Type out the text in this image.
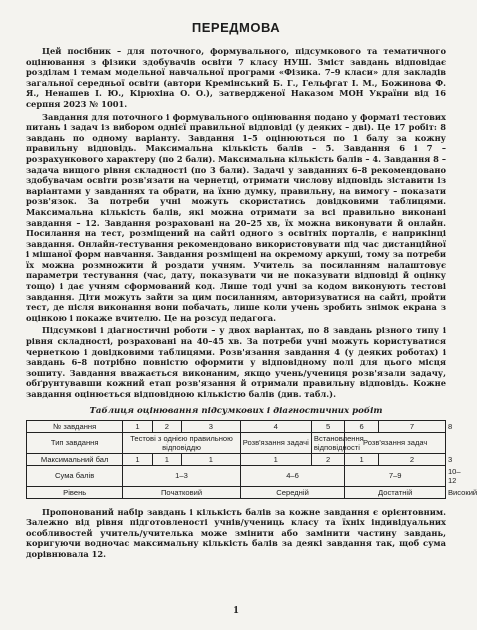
ПЕРЕДМОВА

Цей посібник – для поточного, формувального, підсумкового та тематичного оцінювання з фізики здобувачів освіти 7 класу НУШ. Зміст завдань відповідає розділам і темам модельної навчальної програми «Фізика. 7–9 класи» для закладів загальної середньої освіти (автори Кремінський Б. Г., Гельфгат І. М., Божинова Ф. Я., Ненашев І. Ю., Кірюхіна О. О.), затвердженої Наказом МОН України від 16 серпня 2023 № 1001.

Завдання для поточного і формувального оцінювання подано у форматі тестових питань і задач із вибором однієї правильної відповіді (у деяких – дві). Це 17 робіт: 8 завдань по одному варіанту. Завдання 1–5 оцінюються по 1 балу за кожну правильну відповідь. Максимальна кількість балів – 5. Завдання 6 і 7 – розрахункового характеру (по 2 бали). Максимальна кількість балів – 4. Завдання 8 – задача вищого рівня складності (по 3 бали). Задачі у завданнях 6–8 рекомендовано здобувачам освіти розв'язати на чернетці, отримати числову відповідь зіставити із варіантами у завданнях та обрати, на їхню думку, правильну, на вимогу – показати розв'язок. За потреби учні можуть скористатись довідковими таблицями. Максимальна кількість балів, які можна отримати за всі правильно виконані завдання – 12. Завдання розраховані на 20–25 хв, їх можна виконувати й онлайн. Посилання на тест, розміщений на сайті одного з освітніх порталів, є наприкінці завдання. Онлайн-тестування рекомендовано використовувати під час дистанційної і мішаної форм навчання. Завдання розміщені на окремому аркуші, тому за потреби їх можна розмножити й роздати учням. Учитель за посиланням налаштовує параметри тестування (час, дату, показувати чи не показувати відповіді й оцінку тощо) і дає учням сформований код. Лише тоді учні за кодом виконують тестові завдання. Діти можуть зайти за цим посиланням, авторизуватися на сайті, пройти тест, де після виконання вони побачать, лише коли учень зробить знімок екрана з оцінкою і покаже вчителю. Це на розсуд педагога.

Підсумкові і діагностичні роботи – у двох варіантах, по 8 завдань різного типу і рівня складності, розраховані на 40–45 хв. За потреби учні можуть користуватися чернеткою і довідковими таблицями. Розв'язання завдання 4 (у деяких роботах) і завдань 6–8 потрібно повністю оформити у відповідному полі для цього місця зошиту. Завдання вважається виконаним, якщо учень/учениця розв'язали задачу, обґрунтувавши кожний етап розв'язання й отримали правильну відповідь. Кожне завдання оцінюється відповідною кількістю балів (див. табл.).

Таблиця оцінювання підсумкових і діагностичних робіт
№ завдання	1	2	3	4	5	6	7	8
Тип завдання	Тестові з однією правильною відповіддю			Розв'язання задачі	Встановлення відповідності	Розв'язання задач		
Максимальний бал	1	1	1	1	2	1	2	3
Сума балів	1–3			4–6		7–9		10–12
Рівень	Початковий			Середній		Достатній		Високий

Пропонований набір завдань і кількість балів за кожне завдання є орієнтовним. Залежно від рівня підготовленості учнів/учениць класу та їхніх індивідуальних особливостей учитель/учителька може змінити або замінити частину завдань, коригуючи водночас максимальну кількість балів за деякі завдання так, щоб сума дорівнювала 12.

1
